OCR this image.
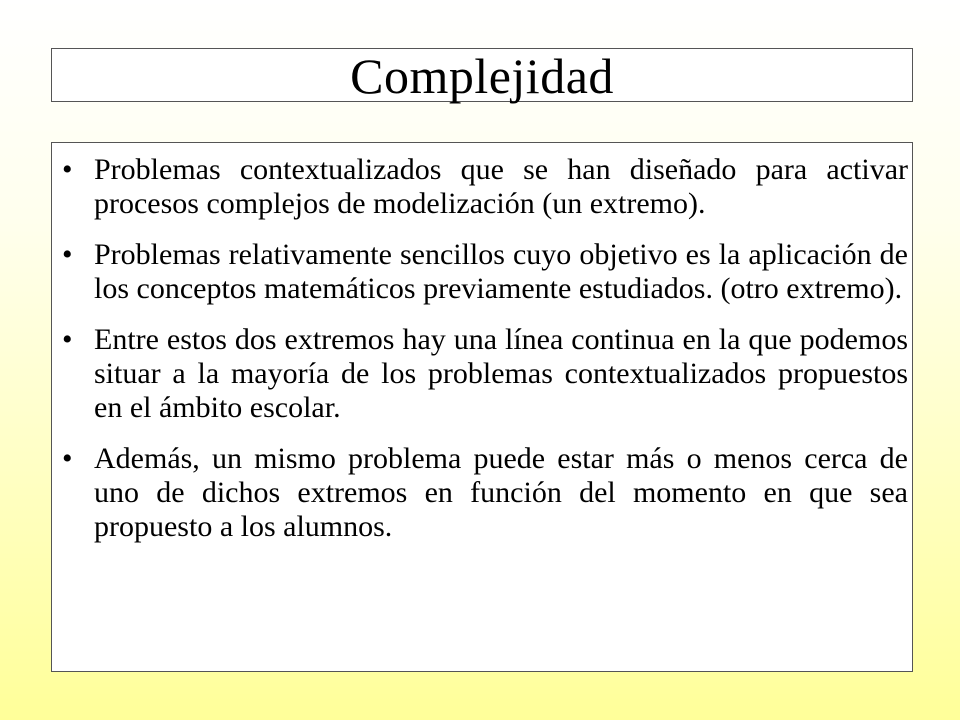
Complejidad
• Problemas contextualizados que se han diseñado para activar procesos complejos de modelización (un extremo).
• Problemas relativamente sencillos cuyo objetivo es la aplicación de los conceptos matemáticos previamente estudiados. (otro extremo).
• Entre estos dos extremos hay una línea continua en la que podemos situar a la mayoría de los problemas contextualizados propuestos en el ámbito escolar.
• Además, un mismo problema puede estar más o menos cerca de uno de dichos extremos en función del momento en que sea propuesto a los alumnos.
